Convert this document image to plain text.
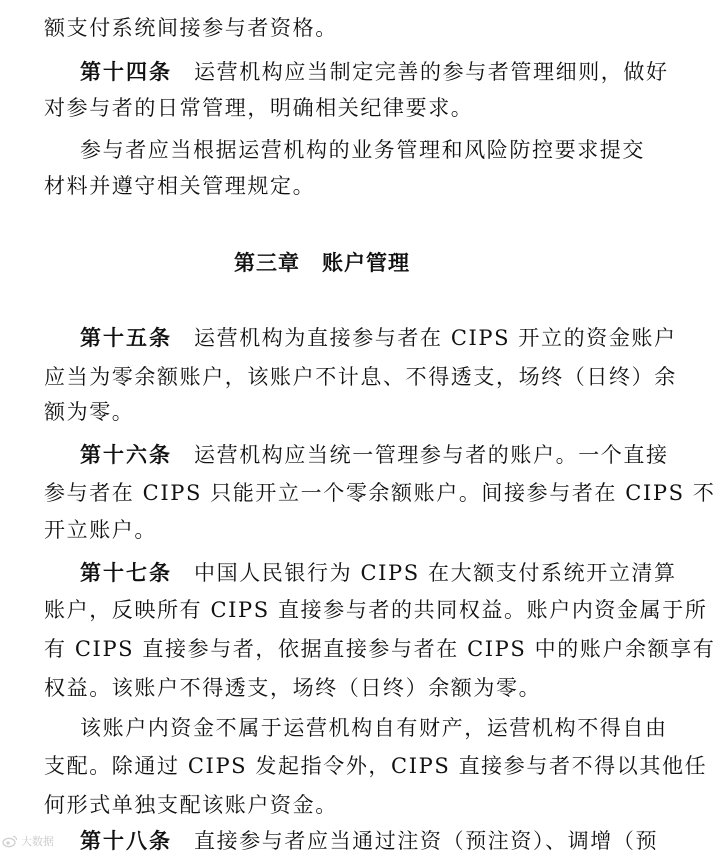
额支付系统间接参与者资格。
第十四条 运营机构应当制定完善的参与者管理细则，做好
对参与者的日常管理，明确相关纪律要求。
参与者应当根据运营机构的业务管理和风险防控要求提交
材料并遵守相关管理规定。
第三章 账户管理
第十五条 运营机构为直接参与者在 CIPS 开立的资金账户
应当为零余额账户，该账户不计息、不得透支，场终（日终）余
额为零。
第十六条 运营机构应当统一管理参与者的账户。一个直接
参与者在 CIPS 只能开立一个零余额账户。间接参与者在 CIPS 不
开立账户。
第十七条 中国人民银行为 CIPS 在大额支付系统开立清算
账户，反映所有 CIPS 直接参与者的共同权益。账户内资金属于所
有 CIPS 直接参与者，依据直接参与者在 CIPS 中的账户余额享有
权益。该账户不得透支，场终（日终）余额为零。
该账户内资金不属于运营机构自有财产，运营机构不得自由
支配。除通过 CIPS 发起指令外，CIPS 直接参与者不得以其他任
何形式单独支配该账户资金。
第十八条 直接参与者应当通过注资（预注资）、调增（预
大数据
